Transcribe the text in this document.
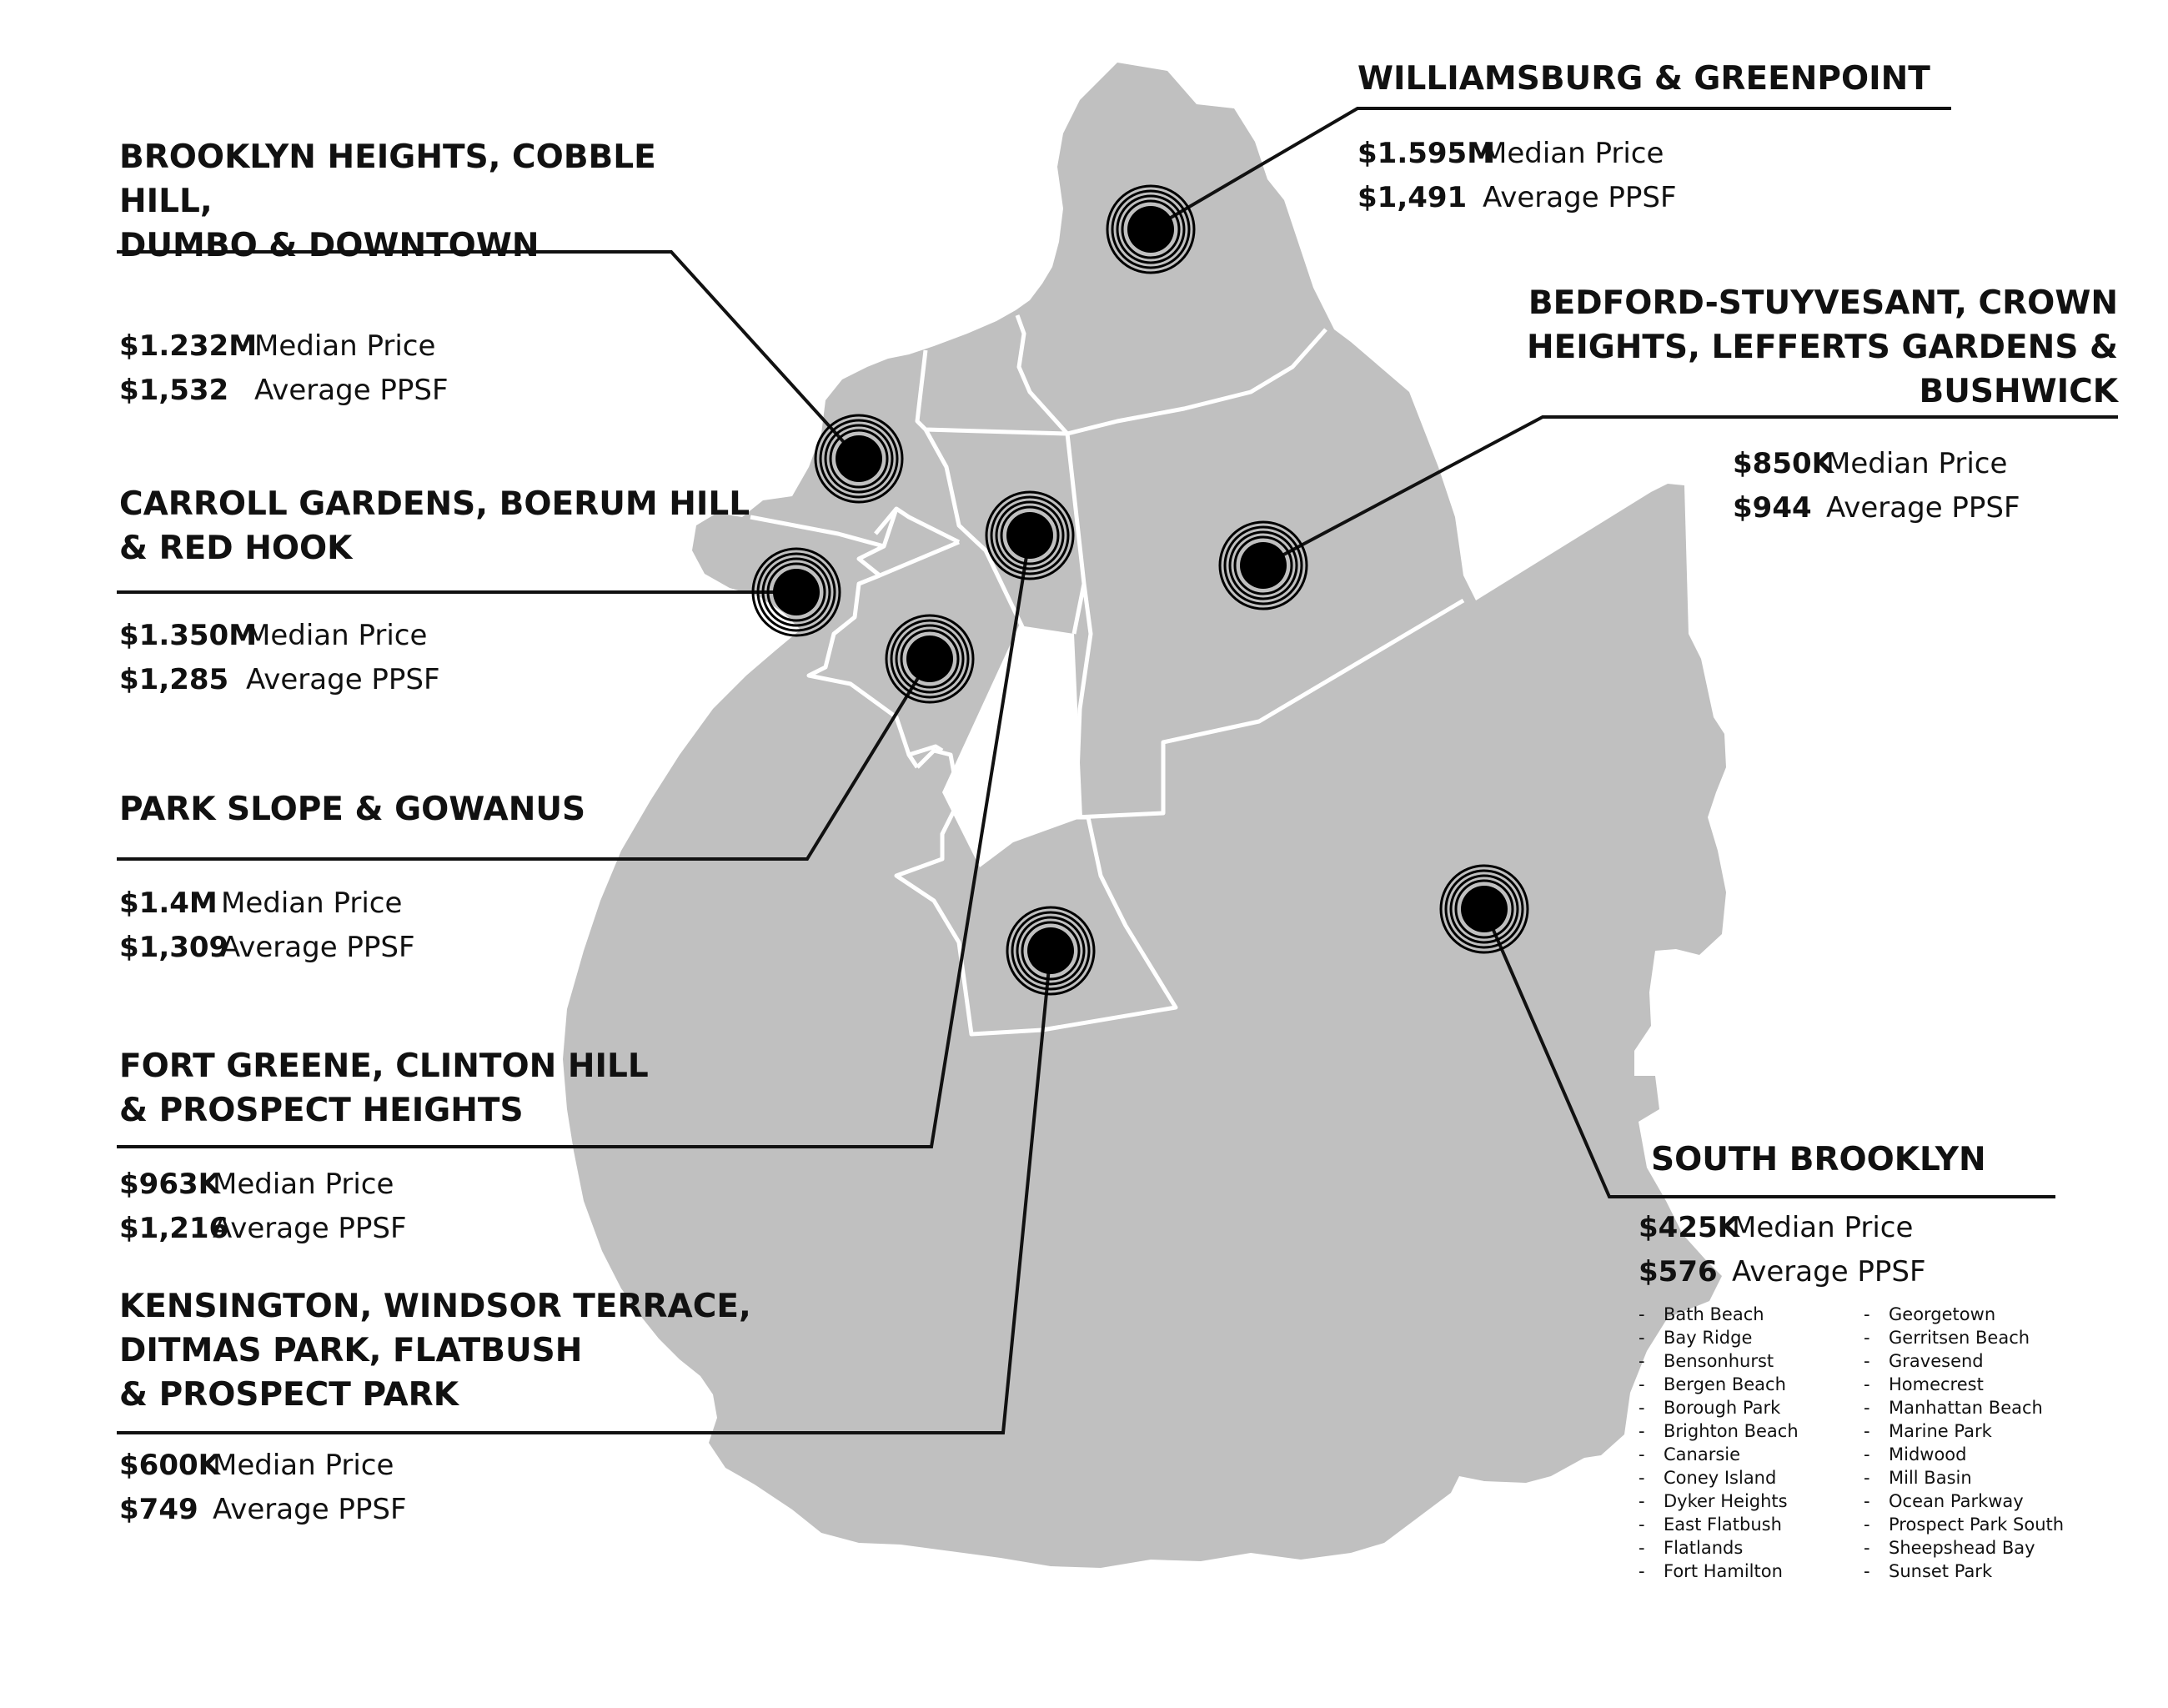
WILLIAMSBURG & GREENPOINT

$1.595MMedian Price

$1,491 Average PPSF

BROOKLYN HEIGHTS, COBBLE HILL,
DUMBO & DOWNTOWN

$1.232MMedian Price

$1,532 Average PPSF

BEDFORD-STUYVESANT, CROWN
HEIGHTS, LEFFERTS GARDENS &
BUSHWICK

$850KMedian Price

$944 Average PPSF

CARROLL GARDENS, BOERUM HILL
& RED HOOK

$1.350MMedian Price

$1,285 Average PPSF

PARK SLOPE & GOWANUS

$1.4M Median Price

$1,309Average PPSF

FORT GREENE, CLINTON HILL
& PROSPECT HEIGHTS

$963KMedian Price

$1,216Average PPSF

KENSINGTON, WINDSOR TERRACE,
DITMAS PARK, FLATBUSH
& PROSPECT PARK

$600KMedian Price

$749 Average PPSF

SOUTH BROOKLYN

$425KMedian Price

$576 Average PPSF

- Bath Beach
- Bay Ridge
- Bensonhurst
- Bergen Beach
- Borough Park
- Brighton Beach
- Canarsie
- Coney Island
- Dyker Heights
- East Flatbush
- Flatlands
- Fort Hamilton
- Georgetown
- Gerritsen Beach
- Gravesend
- Homecrest
- Manhattan Beach
- Marine Park
- Midwood
- Mill Basin
- Ocean Parkway
- Prospect Park South
- Sheepshead Bay
- Sunset Park
